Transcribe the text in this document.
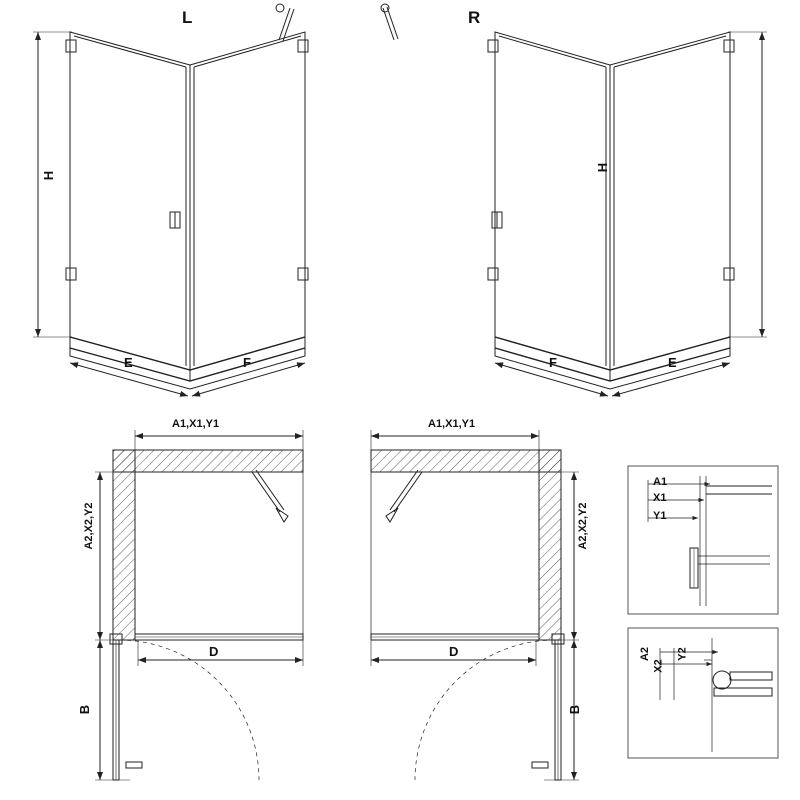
L	R
H
H
E	F	F	E
A1,X1,Y1	A1,X1,Y1
A2,X2,Y2	A2,X2,Y2
D	D
B	B
A1
X1
Y1
A2
X2
Y2
